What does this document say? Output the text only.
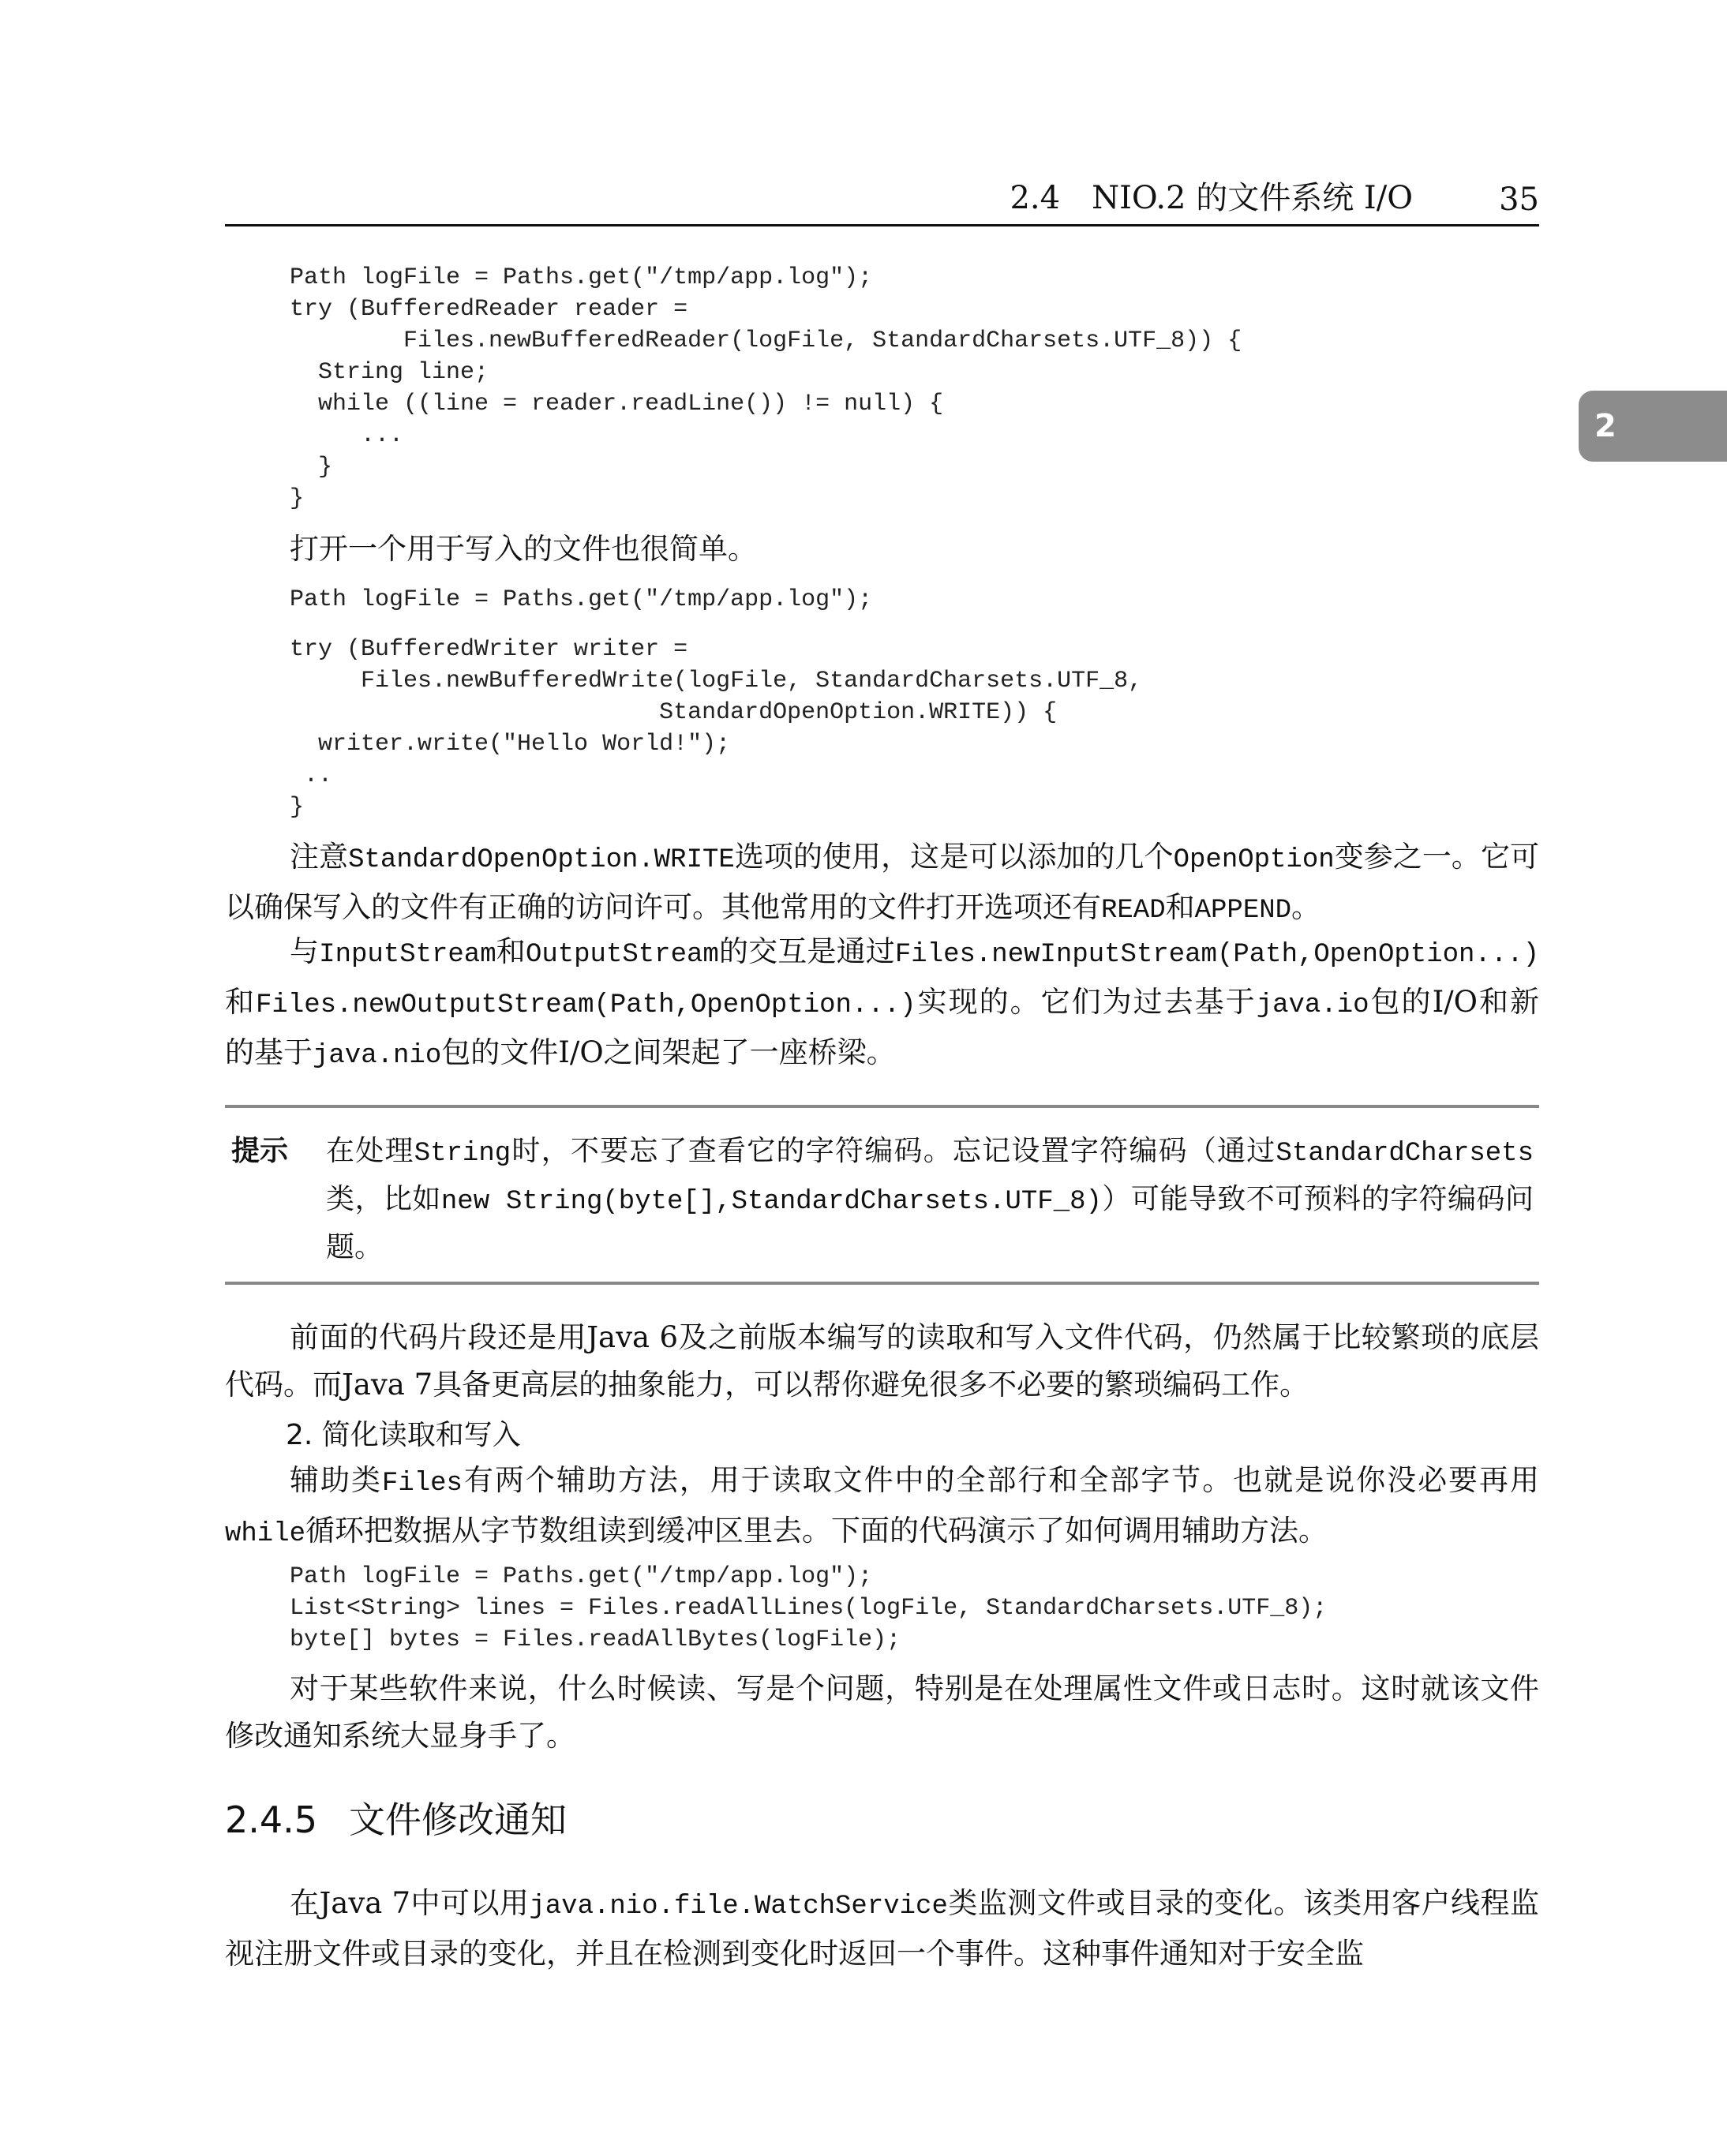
2.4　NIO.2 的文件系统 I/O	35
2
Path logFile = Paths.get("/tmp/app.log");
try (BufferedReader reader =
Files.newBufferedReader(logFile, StandardCharsets.UTF_8)) {
String line;
while ((line = reader.readLine()) != null) {
...
}
}
打开一个用于写入的文件也很简单。
Path logFile = Paths.get("/tmp/app.log");
try (BufferedWriter writer =
Files.newBufferedWrite(logFile, StandardCharsets.UTF_8,
StandardOpenOption.WRITE)) {
writer.write("Hello World!");
..
}
注意StandardOpenOption.WRITE选项的使用，这是可以添加的几个OpenOption变参之一。它可以确保写入的文件有正确的访问许可。其他常用的文件打开选项还有READ和APPEND。
与InputStream和OutputStream的交互是通过Files.newInputStream(Path,OpenOption...)和Files.newOutputStream(Path,OpenOption...)实现的。它们为过去基于java.io包的I/O和新的基于java.nio包的文件I/O之间架起了一座桥梁。
提示 在处理String时，不要忘了查看它的字符编码。忘记设置字符编码（通过StandardCharsets类，比如new String(byte[],StandardCharsets.UTF_8)）可能导致不可预料的字符编码问题。
前面的代码片段还是用Java 6及之前版本编写的读取和写入文件代码，仍然属于比较繁琐的底层代码。而Java 7具备更高层的抽象能力，可以帮你避免很多不必要的繁琐编码工作。
2. 简化读取和写入
辅助类Files有两个辅助方法，用于读取文件中的全部行和全部字节。也就是说你没必要再用while循环把数据从字节数组读到缓冲区里去。下面的代码演示了如何调用辅助方法。
Path logFile = Paths.get("/tmp/app.log");
List<String> lines = Files.readAllLines(logFile, StandardCharsets.UTF_8);
byte[] bytes = Files.readAllBytes(logFile);
对于某些软件来说，什么时候读、写是个问题，特别是在处理属性文件或日志时。这时就该文件修改通知系统大显身手了。
2.4.5 文件修改通知
在Java 7中可以用java.nio.file.WatchService类监测文件或目录的变化。该类用客户线程监视注册文件或目录的变化，并且在检测到变化时返回一个事件。这种事件通知对于安全监
